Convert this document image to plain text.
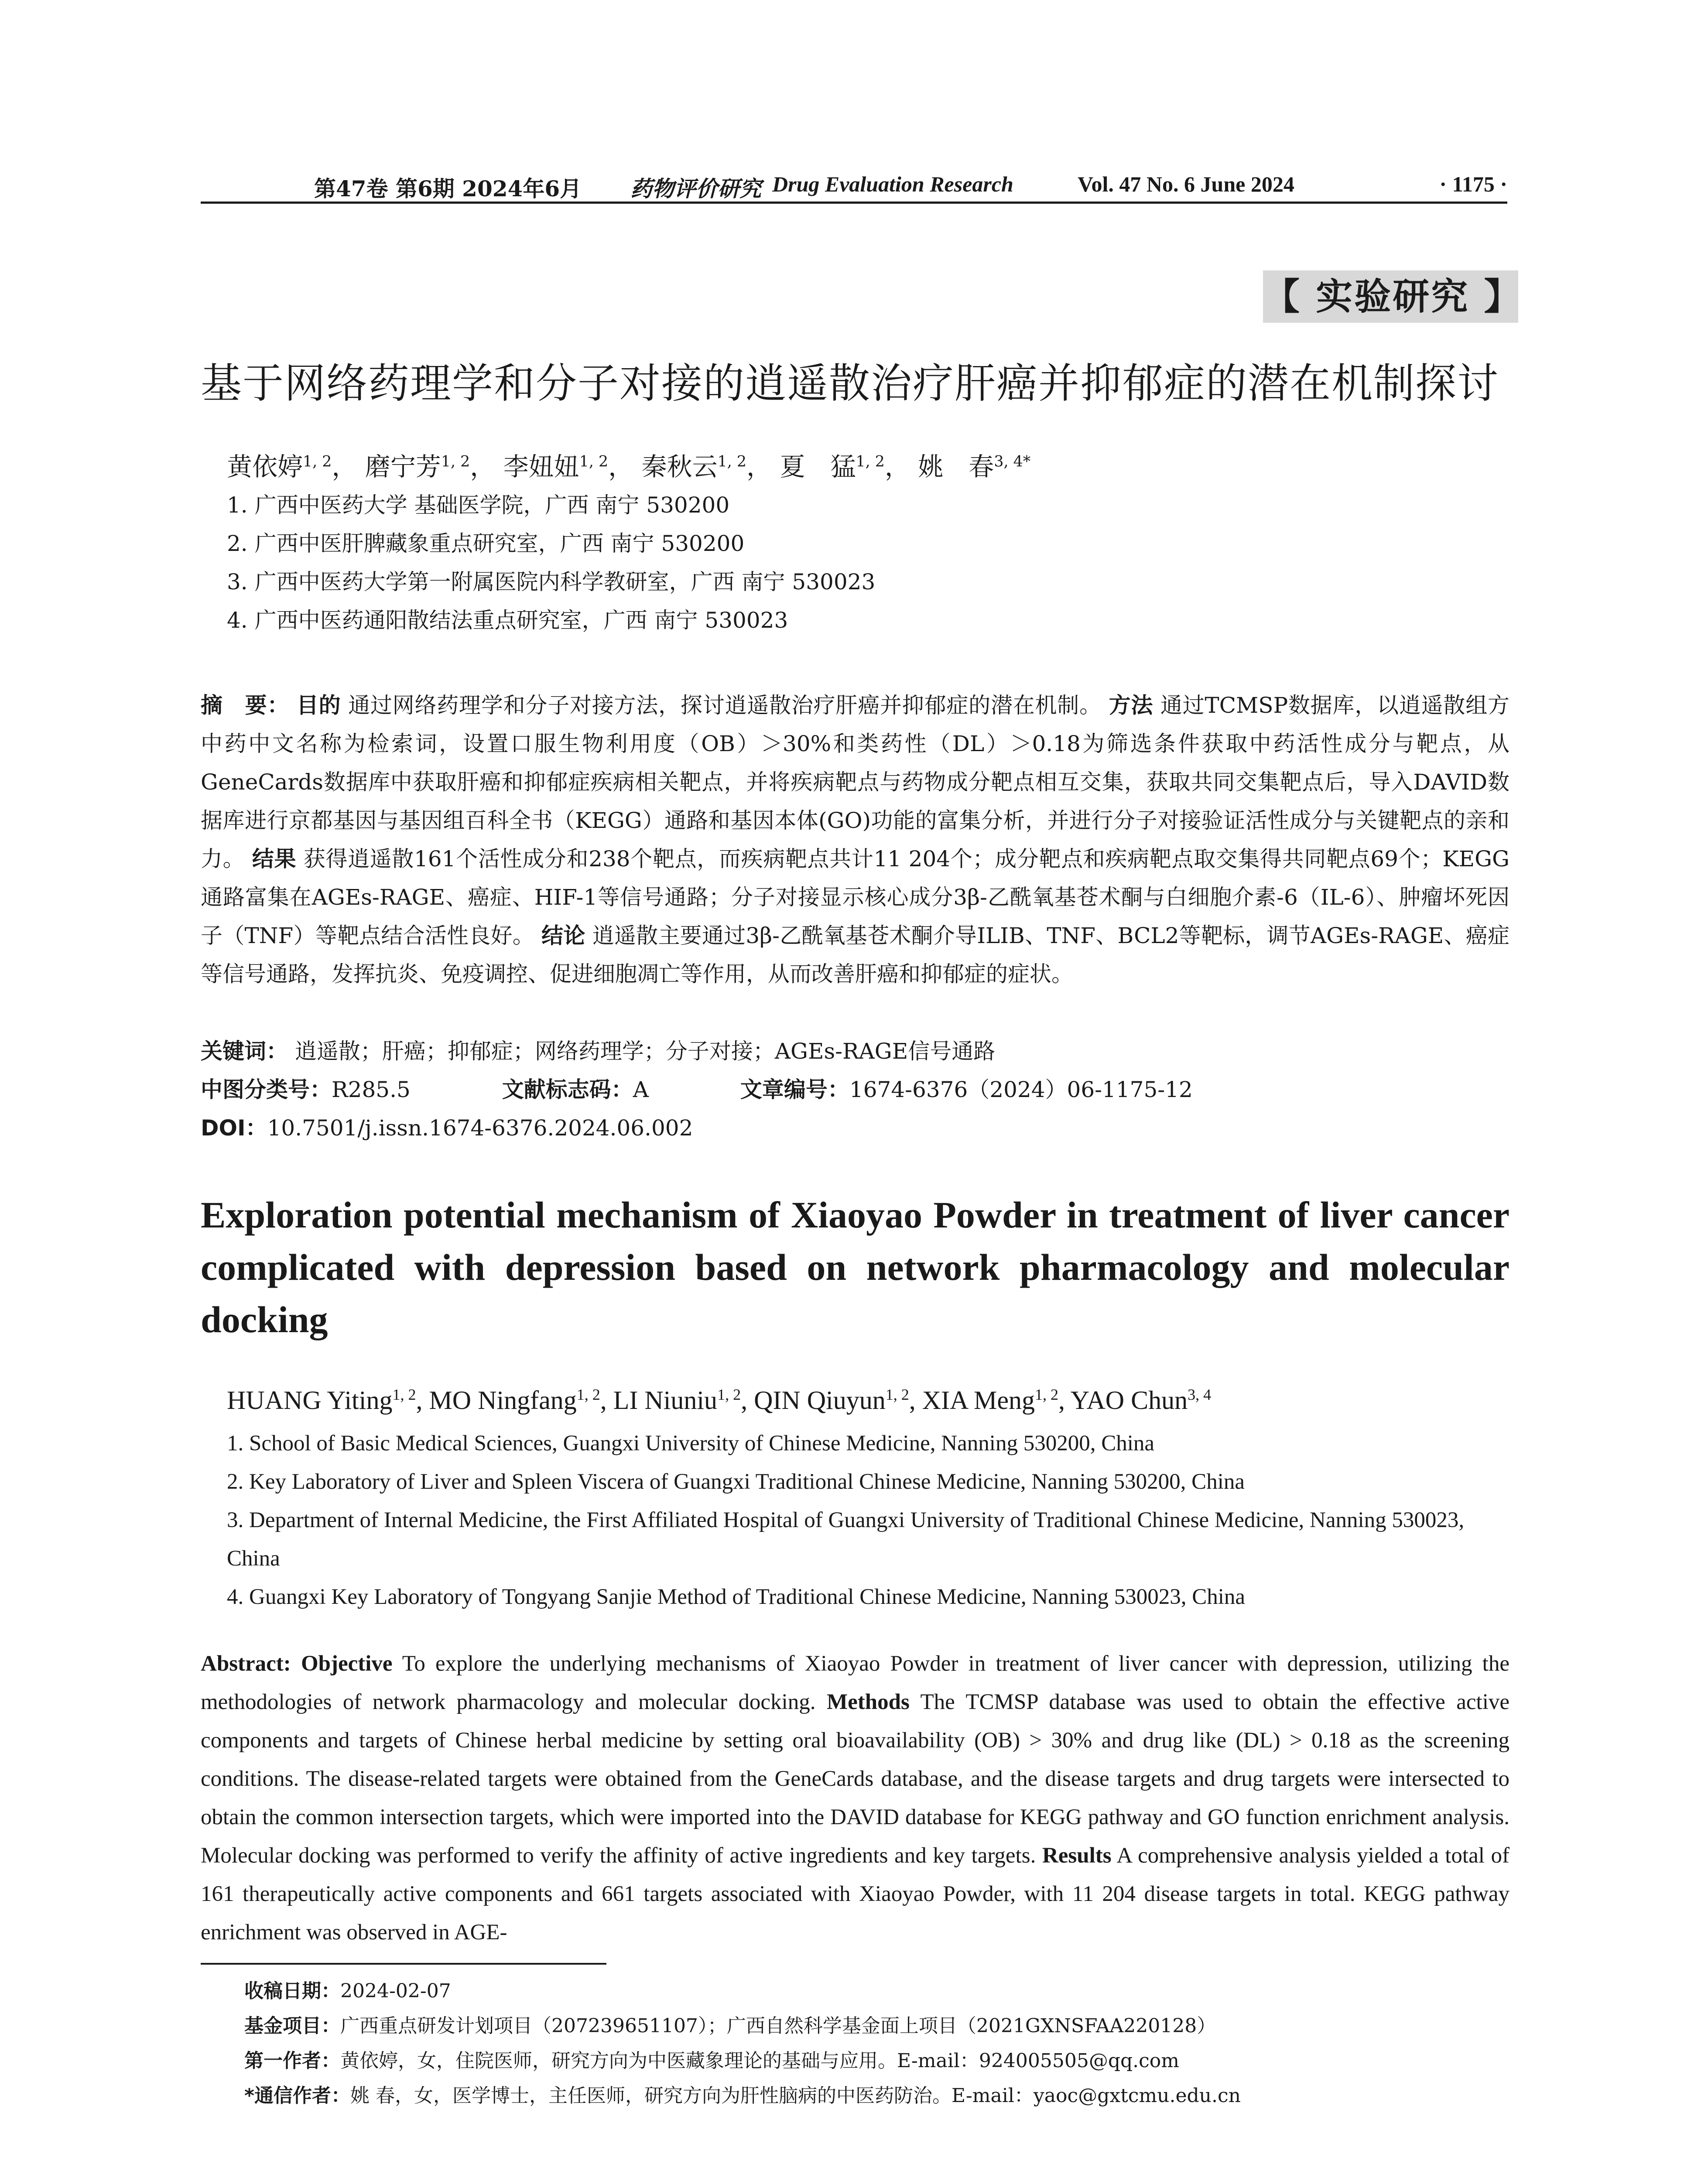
第47卷 第6期 2024年6月 药物评价研究 Drug Evaluation Research	Vol. 47 No. 6 June 2024	· 1175 ·
【 实验研究 】
基于网络药理学和分子对接的逍遥散治疗肝癌并抑郁症的潜在机制探讨
黄依婷$^{1, 2}$， 磨宁芳$^{1, 2}$， 李妞妞$^{1, 2}$， 秦秋云$^{1, 2}$， 夏　猛$^{1, 2}$， 姚　春$^{3, 4*}$
1. 广西中医药大学 基础医学院，广西 南宁 530200
2. 广西中医肝脾藏象重点研究室，广西 南宁 530200
3. 广西中医药大学第一附属医院内科学教研室，广西 南宁 530023
4. 广西中医药通阳散结法重点研究室，广西 南宁 530023
摘　要： 目的 通过网络药理学和分子对接方法，探讨逍遥散治疗肝癌并抑郁症的潜在机制。 方法 通过TCMSP数据库，以逍遥散组方中药中文名称为检索词，设置口服生物利用度（OB）＞30%和类药性（DL）＞0.18为筛选条件获取中药活性成分与靶点，从GeneCards数据库中获取肝癌和抑郁症疾病相关靶点，并将疾病靶点与药物成分靶点相互交集，获取共同交集靶点后，导入DAVID数据库进行京都基因与基因组百科全书（KEGG）通路和基因本体(GO)功能的富集分析，并进行分子对接验证活性成分与关键靶点的亲和力。 结果 获得逍遥散161个活性成分和238个靶点，而疾病靶点共计11 204个；成分靶点和疾病靶点取交集得共同靶点69个；KEGG通路富集在AGEs-RAGE、癌症、HIF-1等信号通路；分子对接显示核心成分3β-乙酰氧基苍术酮与白细胞介素-6（IL-6）、肿瘤坏死因子（TNF）等靶点结合活性良好。 结论 逍遥散主要通过3β-乙酰氧基苍术酮介导ILIB、TNF、BCL2等靶标，调节AGEs-RAGE、癌症等信号通路，发挥抗炎、免疫调控、促进细胞凋亡等作用，从而改善肝癌和抑郁症的症状。
关键词： 逍遥散；肝癌；抑郁症；网络药理学；分子对接；AGEs-RAGE信号通路
中图分类号：R285.5	文献标志码：A	文章编号：1674-6376（2024）06-1175-12
DOI：10.7501/j.issn.1674-6376.2024.06.002
Exploration potential mechanism of Xiaoyao Powder in treatment of liver cancer complicated with depression based on network pharmacology and molecular docking
HUANG Yiting$^{1, 2}$, MO Ningfang$^{1, 2}$, LI Niuniu$^{1, 2}$, QIN Qiuyun$^{1, 2}$, XIA Meng$^{1, 2}$, YAO Chun$^{3, 4}$
1. School of Basic Medical Sciences, Guangxi University of Chinese Medicine, Nanning 530200, China
2. Key Laboratory of Liver and Spleen Viscera of Guangxi Traditional Chinese Medicine, Nanning 530200, China
3. Department of Internal Medicine, the First Affiliated Hospital of Guangxi University of Traditional Chinese Medicine, Nanning 530023, China
4. Guangxi Key Laboratory of Tongyang Sanjie Method of Traditional Chinese Medicine, Nanning 530023, China
Abstract: Objective To explore the underlying mechanisms of Xiaoyao Powder in treatment of liver cancer with depression, utilizing the methodologies of network pharmacology and molecular docking. Methods The TCMSP database was used to obtain the effective active components and targets of Chinese herbal medicine by setting oral bioavailability (OB) > 30% and drug like (DL) > 0.18 as the screening conditions. The disease-related targets were obtained from the GeneCards database, and the disease targets and drug targets were intersected to obtain the common intersection targets, which were imported into the DAVID database for KEGG pathway and GO function enrichment analysis. Molecular docking was performed to verify the affinity of active ingredients and key targets. Results A comprehensive analysis yielded a total of 161 therapeutically active components and 661 targets associated with Xiaoyao Powder, with 11 204 disease targets in total. KEGG pathway enrichment was observed in AGE-
收稿日期：2024-02-07
基金项目：广西重点研发计划项目（207239651107）；广西自然科学基金面上项目（2021GXNSFAA220128）
第一作者：黄依婷，女，住院医师，研究方向为中医藏象理论的基础与应用。E-mail：924005505@qq.com
*通信作者：姚 春，女，医学博士，主任医师，研究方向为肝性脑病的中医药防治。E-mail：yaoc@gxtcmu.edu.cn
